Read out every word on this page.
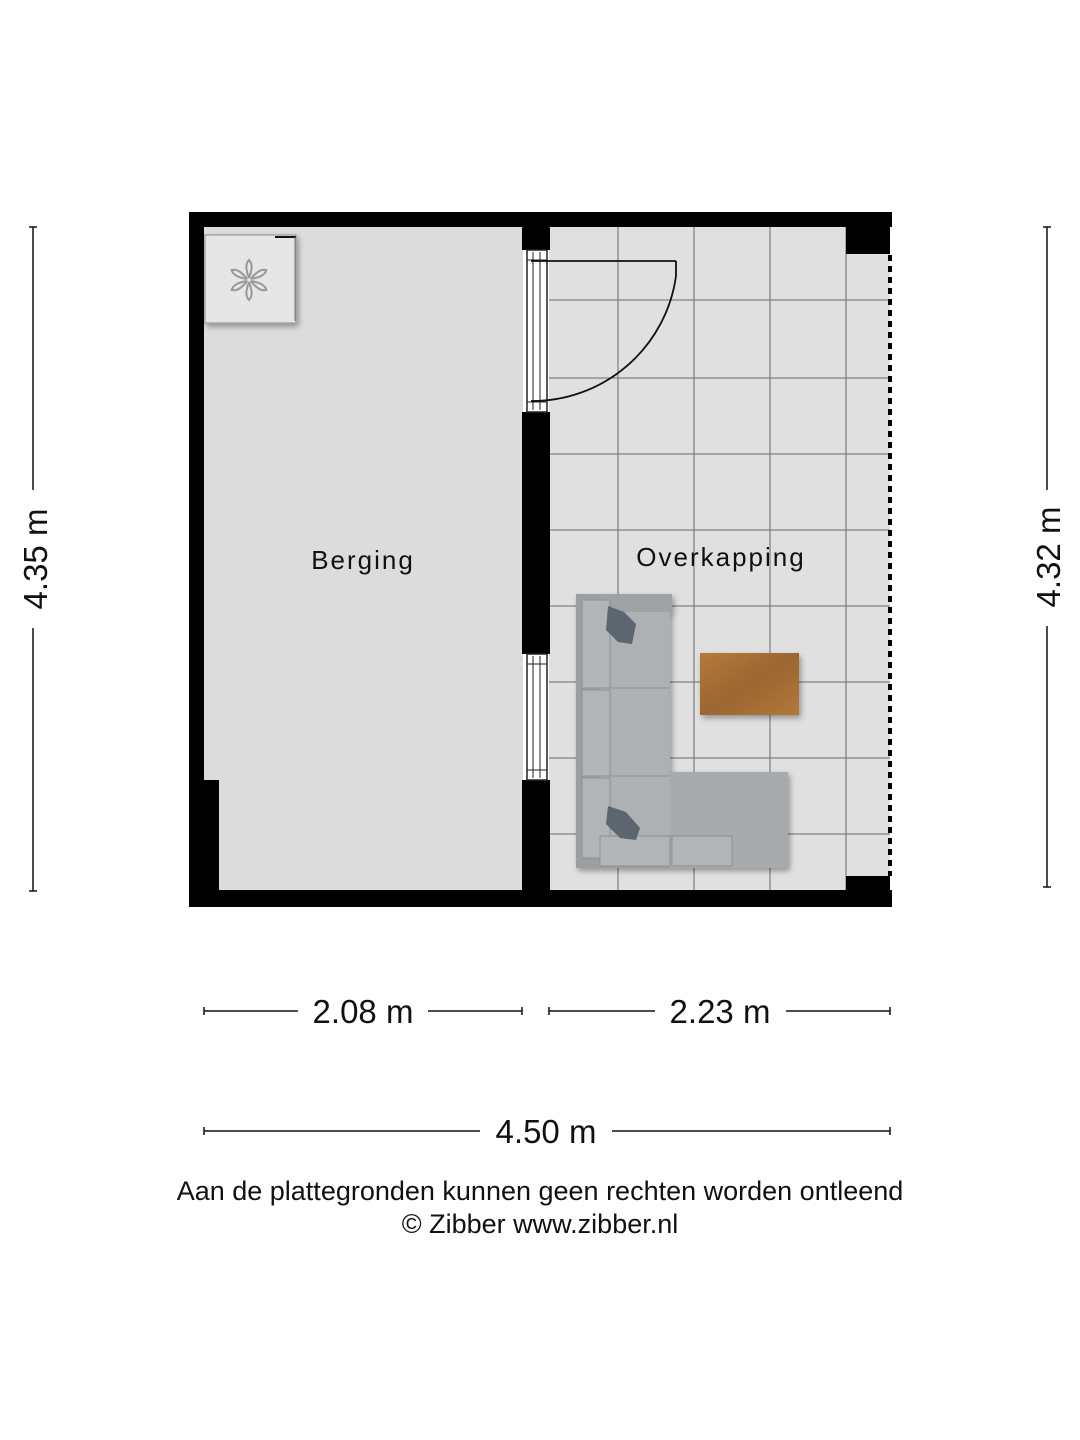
Berging	Overkapping
4.35 m	4.32 m
2.08 m	2.23 m
4.50 m
Aan de plattegronden kunnen geen rechten worden ontleend
© Zibber www.zibber.nl
